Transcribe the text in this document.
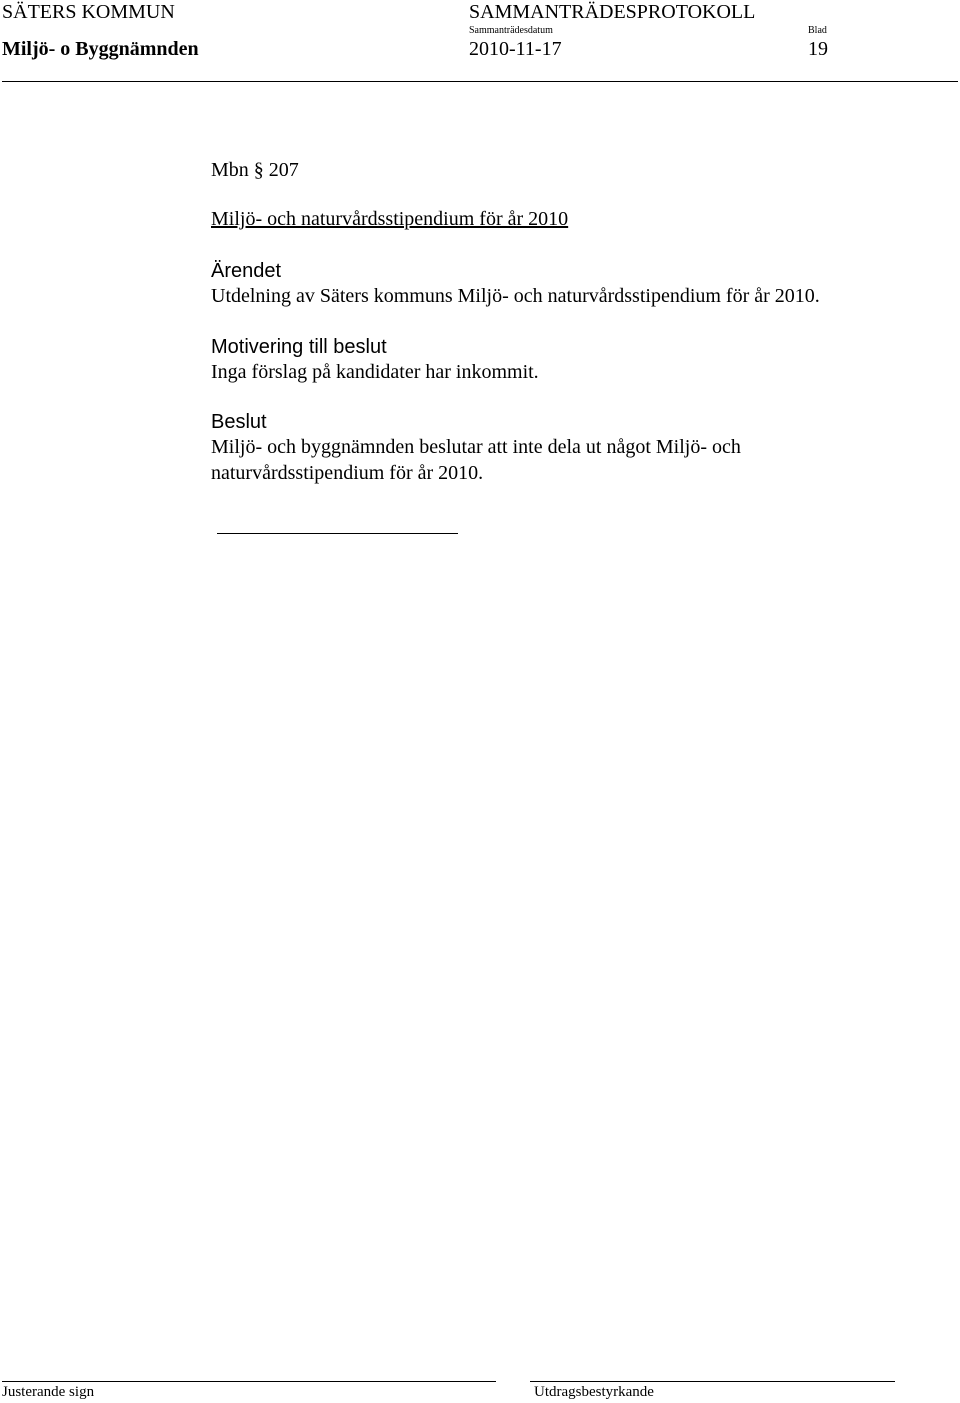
SÄTERS KOMMUN	SAMMANTRÄDESPROTOKOLL
Miljö- o Byggnämnden
Sammanträdesdatum
2010-11-17
Blad
19
Mbn § 207
Miljö- och naturvårdsstipendium för år 2010
Ärendet
Utdelning av Säters kommuns Miljö- och naturvårdsstipendium för år 2010.
Motivering till beslut
Inga förslag på kandidater har inkommit.
Beslut
Miljö- och byggnämnden beslutar att inte dela ut något Miljö- och
naturvårdsstipendium för år 2010.
Justerande sign	Utdragsbestyrkande
